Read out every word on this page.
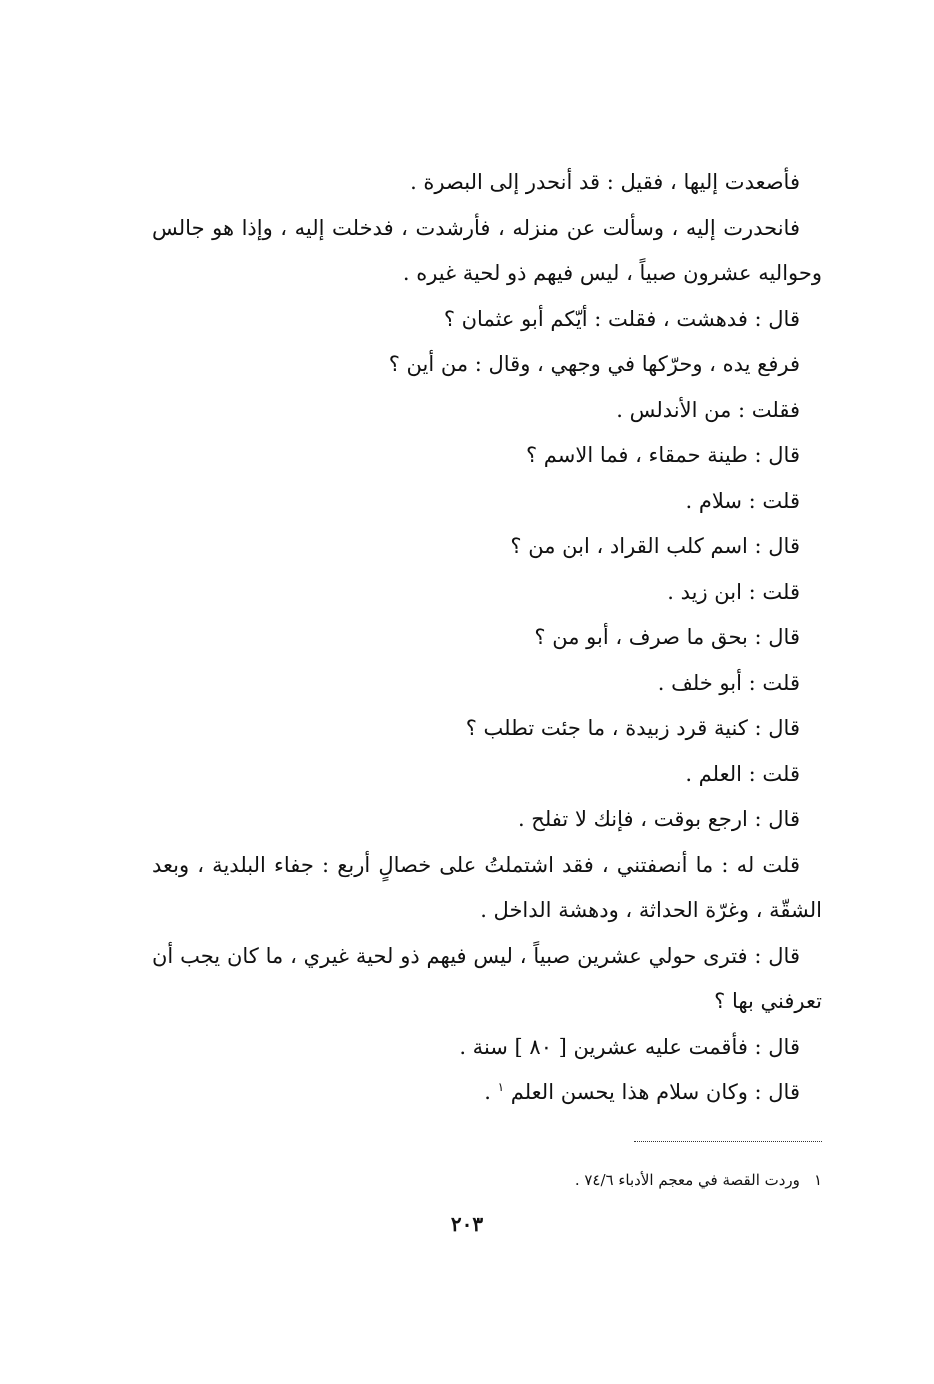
فأصعدت إليها ، فقيل : قد أنحدر إلى البصرة .

فانحدرت إليه ، وسألت عن منزله ، فأرشدت ، فدخلت إليه ، وإذا هو جالس وحواليه عشرون صبياً ، ليس فيهم ذو لحية غيره .

قال : فدهشت ، فقلت : أيّكم أبو عثمان ؟

فرفع يده ، وحرّكها في وجهي ، وقال : من أين ؟

فقلت : من الأندلس .

قال : طينة حمقاء ، فما الاسم ؟

قلت : سلام .

قال : اسم كلب القراد ، ابن من ؟

قلت : ابن زيد .

قال : بحق ما صرف ، أبو من ؟

قلت : أبو خلف .

قال : كنية قرد زبيدة ، ما جئت تطلب ؟

قلت : العلم .

قال : ارجع بوقت ، فإنك لا تفلح .

قلت له : ما أنصفتني ، فقد اشتملتُ على خصالٍ أربع : جفاء البلدية ، وبعد الشقّة ، وغرّة الحداثة ، ودهشة الداخل .

قال : فترى حولي عشرين صبياً ، ليس فيهم ذو لحية غيري ، ما كان يجب أن تعرفني بها ؟

قال : فأقمت عليه عشرين [ ٨٠ ] سنة .

قال : وكان سلام هذا يحسن العلم $^١$ .

١وردت القصة في معجم الأدباء ٧٤/٦ .
٢٠٣
